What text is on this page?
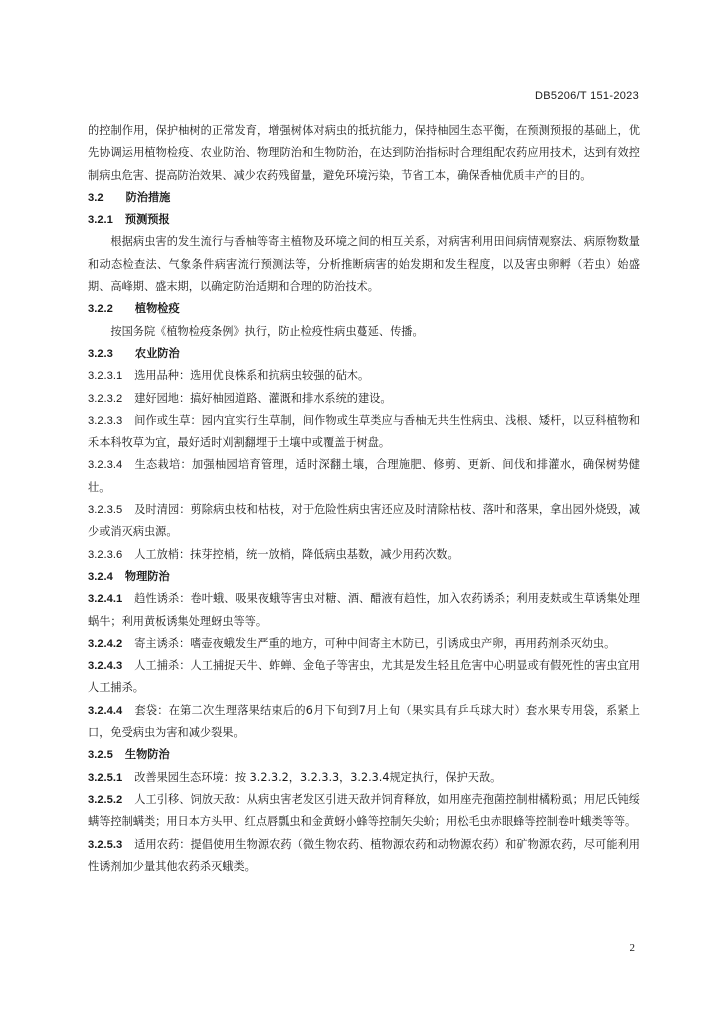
DB5206/T 151-2023

的控制作用，保护柚树的正常发育，增强树体对病虫的抵抗能力，保持柚园生态平衡，在预测预报的基础上，优先协调运用植物检疫、农业防治、物理防治和生物防治，在达到防治指标时合理组配农药应用技术，达到有效控制病虫危害、提高防治效果、减少农药残留量，避免环境污染，节省工本，确保香柚优质丰产的目的。

3.2 防治措施

3.2.1 预测预报

根据病虫害的发生流行与香柚等寄主植物及环境之间的相互关系，对病害利用田间病情观察法、病原物数量和动态检查法、气象条件病害流行预测法等，分析推断病害的始发期和发生程度，以及害虫卵孵（若虫）始盛期、高峰期、盛末期，以确定防治适期和合理的防治技术。

3.2.2 植物检疫

按国务院《植物检疫条例》执行，防止检疫性病虫蔓延、传播。

3.2.3 农业防治

3.2.3.1 选用品种：选用优良株系和抗病虫较强的砧木。

3.2.3.2 建好园地：搞好柚园道路、灌溉和排水系统的建设。

3.2.3.3 间作或生草：园内宜实行生草制，间作物或生草类应与香柚无共生性病虫、浅根、矮杆，以豆科植物和禾本科牧草为宜，最好适时刈割翻埋于土壤中或覆盖于树盘。

3.2.3.4 生态栽培：加强柚园培育管理，适时深翻土壤，合理施肥、修剪、更新、间伐和排灌水，确保树势健壮。

3.2.3.5 及时清园：剪除病虫枝和枯枝，对于危险性病虫害还应及时清除枯枝、落叶和落果，拿出园外烧毁，减少或消灭病虫源。

3.2.3.6 人工放梢：抹芽控梢，统一放梢，降低病虫基数，减少用药次数。

3.2.4 物理防治

3.2.4.1 趋性诱杀：卷叶蛾、吸果夜蛾等害虫对糖、酒、醋液有趋性，加入农药诱杀；利用麦麸或生草诱集处理蜗牛；利用黄板诱集处理蚜虫等等。

3.2.4.2 寄主诱杀：嗜壶夜蛾发生严重的地方，可种中间寄主木防已，引诱成虫产卵，再用药剂杀灭幼虫。

3.2.4.3 人工捕杀：人工捕捉天牛、蚱蝉、金龟子等害虫，尤其是发生轻且危害中心明显或有假死性的害虫宜用人工捕杀。

3.2.4.4 套袋：在第二次生理落果结束后的6月下旬到7月上旬（果实具有乒乓球大时）套水果专用袋，系紧上口，免受病虫为害和减少裂果。

3.2.5 生物防治

3.2.5.1 改善果园生态环境：按 3.2.3.2，3.2.3.3，3.2.3.4规定执行，保护天敌。

3.2.5.2 人工引移、饲放天敌：从病虫害老发区引进天敌并饲育释放，如用座壳孢菌控制柑橘粉虱；用尼氏钝绥螨等控制螨类；用日本方头甲、红点唇瓢虫和金黄蚜小蜂等控制矢尖蚧；用松毛虫赤眼蜂等控制卷叶蛾类等等。

3.2.5.3 适用农药：提倡使用生物源农药（微生物农药、植物源农药和动物源农药）和矿物源农药，尽可能利用性诱剂加少量其他农药杀灭蛾类。

2
